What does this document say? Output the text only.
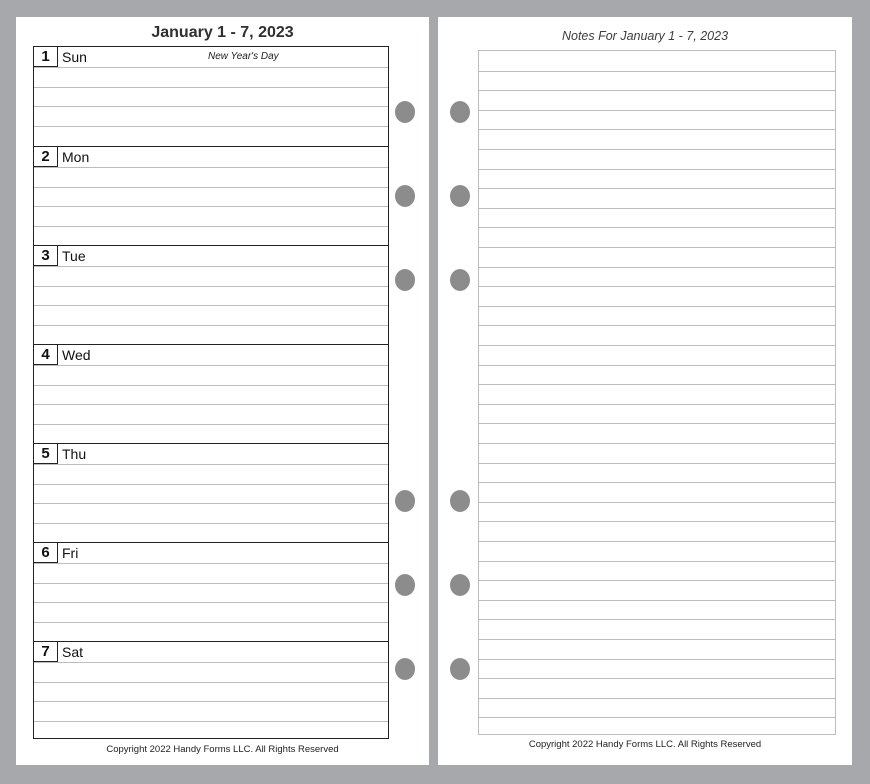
January 1 - 7, 2023
1 Sun	New Year's Day
2 Mon
3 Tue
4 Wed
5 Thu
6 Fri
7 Sat
Copyright 2022 Handy Forms LLC. All Rights Reserved
Notes For January 1 - 7, 2023
Copyright 2022 Handy Forms LLC. All Rights Reserved
